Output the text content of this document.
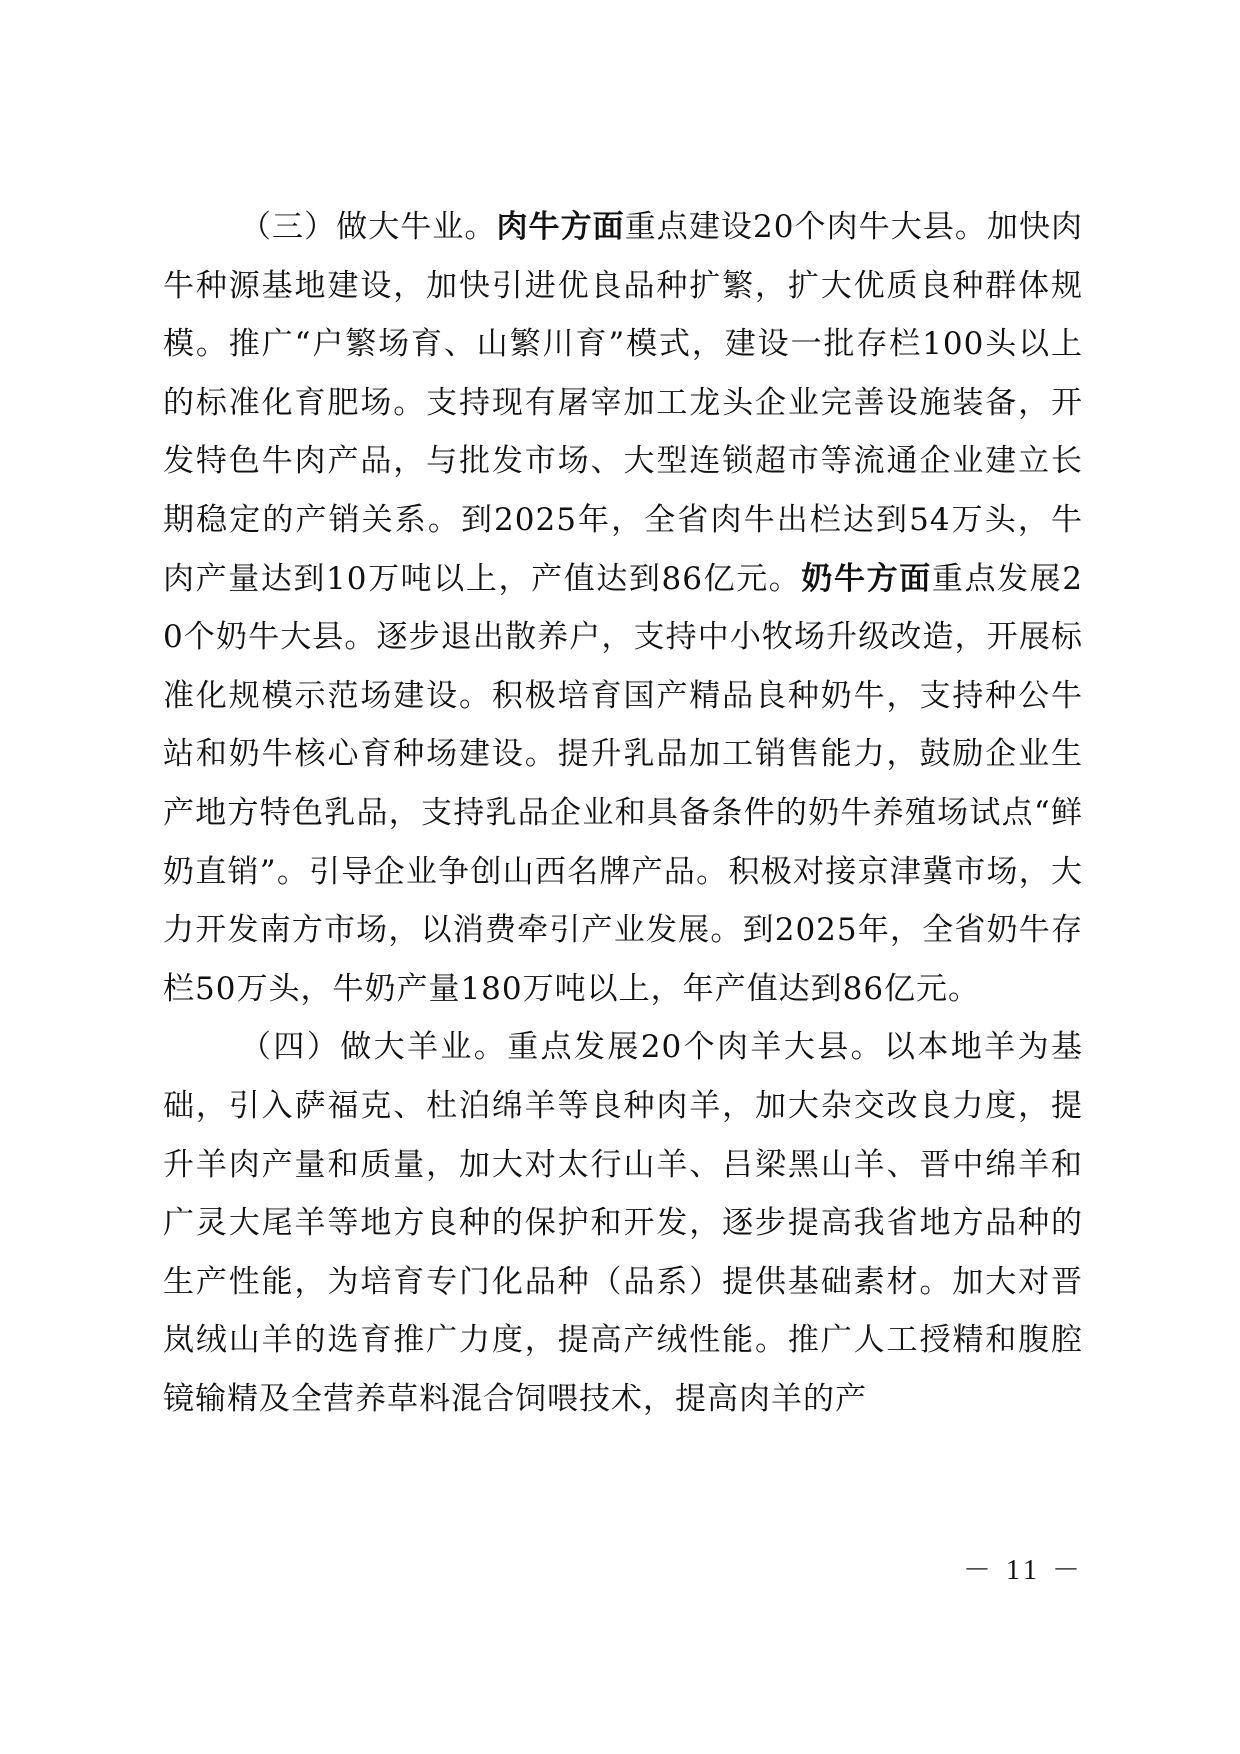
（三）做大牛业。肉牛方面重点建设20个肉牛大县。加快肉牛种源基地建设，加快引进优良品种扩繁，扩大优质良种群体规模。推广“户繁场育、山繁川育”模式，建设一批存栏100头以上的标准化育肥场。支持现有屠宰加工龙头企业完善设施装备，开发特色牛肉产品，与批发市场、大型连锁超市等流通企业建立长期稳定的产销关系。到2025年，全省肉牛出栏达到54万头，牛肉产量达到10万吨以上，产值达到86亿元。奶牛方面重点发展20个奶牛大县。逐步退出散养户，支持中小牧场升级改造，开展标准化规模示范场建设。积极培育国产精品良种奶牛，支持种公牛站和奶牛核心育种场建设。提升乳品加工销售能力，鼓励企业生产地方特色乳品，支持乳品企业和具备条件的奶牛养殖场试点“鲜奶直销”。引导企业争创山西名牌产品。积极对接京津冀市场，大力开发南方市场，以消费牵引产业发展。到2025年，全省奶牛存栏50万头，牛奶产量180万吨以上，年产值达到86亿元。

（四）做大羊业。重点发展20个肉羊大县。以本地羊为基础，引入萨福克、杜泊绵羊等良种肉羊，加大杂交改良力度，提升羊肉产量和质量，加大对太行山羊、吕梁黑山羊、晋中绵羊和广灵大尾羊等地方良种的保护和开发，逐步提高我省地方品种的生产性能，为培育专门化品种（品系）提供基础素材。加大对晋岚绒山羊的选育推广力度，提高产绒性能。推广人工授精和腹腔镜输精及全营养草料混合饲喂技术，提高肉羊的产

－ 11 －
